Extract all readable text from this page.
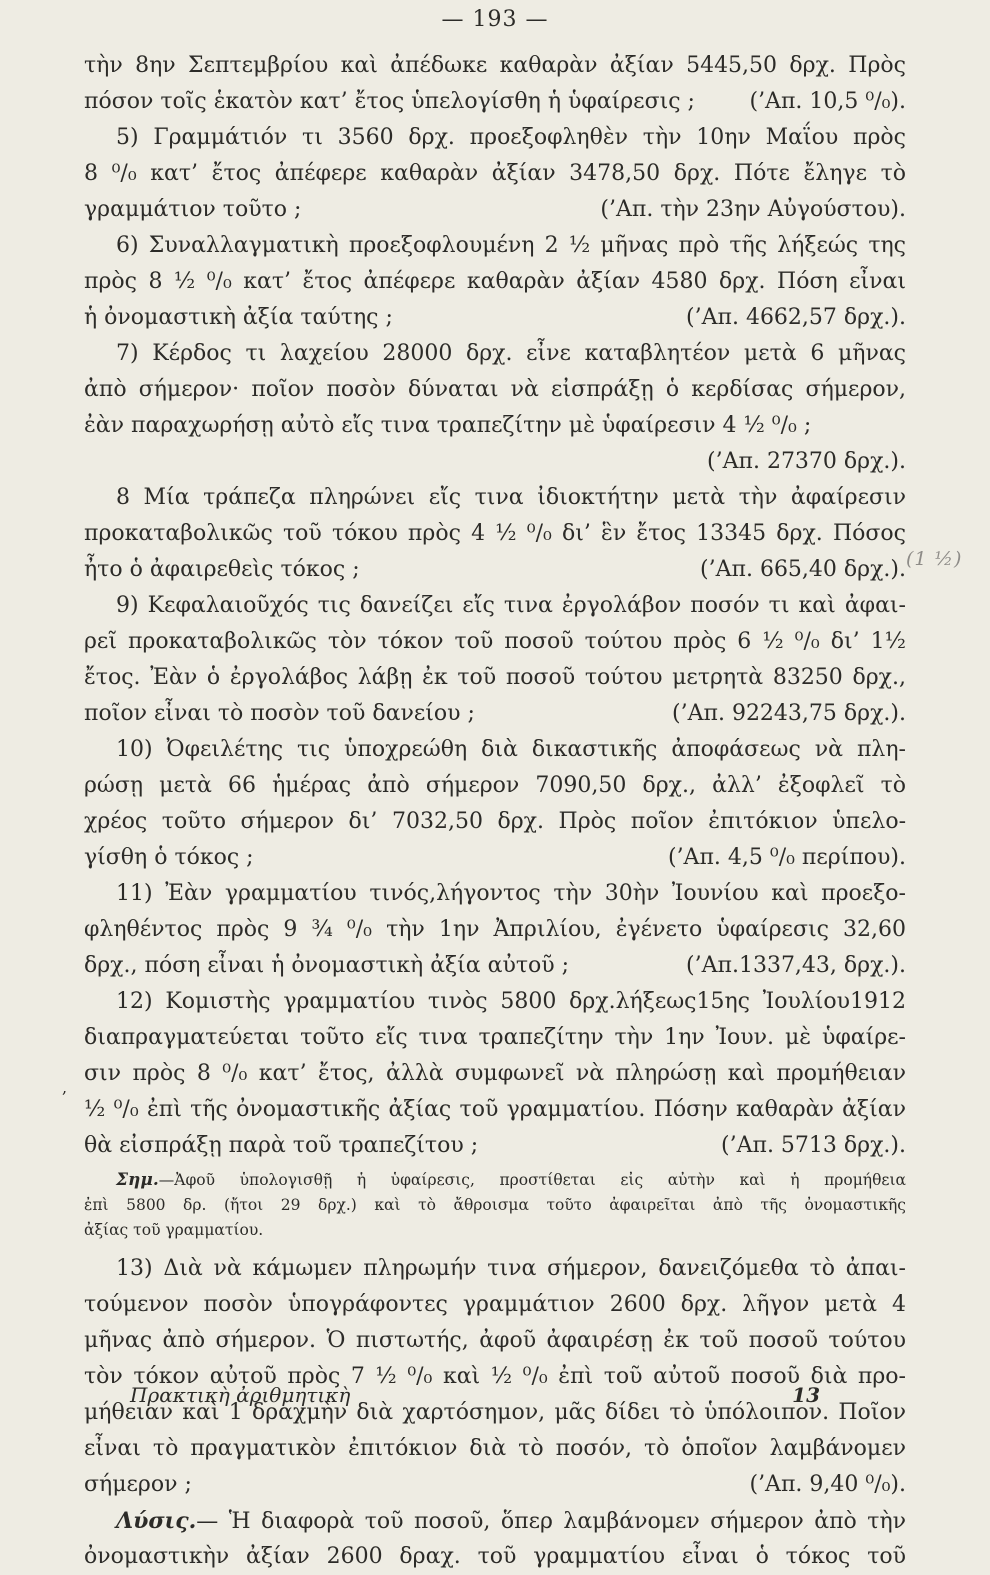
— 193 —
τὴν 8ην Σεπτεμβρίου καὶ ἀπέδωκε καθαρὰν ἀξίαν 5445,50 δρχ. Πρὸς
(’Απ. 10,5 ⁰/₀).
πόσον τοῖς ἑκατὸν κατ’ ἔτος ὑπελογίσθη ἡ ὑφαίρεσις ;
5) Γραμμάτιόν τι 3560 δρχ. προεξοφληθὲν τὴν 10ην Μαΐου πρὸς
8 ⁰/₀ κατ’ ἔτος ἀπέφερε καθαρὰν ἀξίαν 3478,50 δρχ. Πότε ἔληγε τὸ
(’Απ. τὴν 23ην Αὐγούστου).
γραμμάτιον τοῦτο ;
6) Συναλλαγματικὴ προεξοφλουμένη 2 ½ μῆνας πρὸ τῆς λήξεώς της
πρὸς 8 ½ ⁰/₀ κατ’ ἔτος ἀπέφερε καθαρὰν ἀξίαν 4580 δρχ. Πόση εἶναι
(’Απ. 4662,57 δρχ.).
ἡ ὀνομαστικὴ ἀξία ταύτης ;
7) Κέρδος τι λαχείου 28000 δρχ. εἶνε καταβλητέον μετὰ 6 μῆνας
ἀπὸ σήμερον· ποῖον ποσὸν δύναται νὰ εἰσπράξῃ ὁ κερδίσας σήμερον,
ἐὰν παραχωρήσῃ αὐτὸ εἴς τινα τραπεζίτην μὲ ὑφαίρεσιν 4 ½ ⁰/₀ ;
(’Απ. 27370 δρχ.).
8 Μία τράπεζα πληρώνει εἴς τινα ἰδιοκτήτην μετὰ τὴν ἀφαίρεσιν
προκαταβολικῶς τοῦ τόκου πρὸς 4 ½ ⁰/₀ δι’ ἓν ἔτος 13345 δρχ. Πόσος
(’Απ. 665,40 δρχ.).
ἦτο ὁ ἀφαιρεθεὶς τόκος ;
9) Κεφαλαιοῦχός τις δανείζει εἴς τινα ἐργολάβον ποσόν τι καὶ ἀφαι-
ρεῖ προκαταβολικῶς τὸν τόκον τοῦ ποσοῦ τούτου πρὸς 6 ½ ⁰/₀ δι’ 1½
ἔτος. Ἐὰν ὁ ἐργολάβος λάβῃ ἐκ τοῦ ποσοῦ τούτου μετρητὰ 83250 δρχ.,
(’Απ. 92243,75 δρχ.).
ποῖον εἶναι τὸ ποσὸν τοῦ δανείου ;
10) Ὀφειλέτης τις ὑποχρεώθη διὰ δικαστικῆς ἀποφάσεως νὰ πλη-
ρώσῃ μετὰ 66 ἡμέρας ἀπὸ σήμερον 7090,50 δρχ., ἀλλ’ ἐξοφλεῖ τὸ
χρέος τοῦτο σήμερον δι’ 7032,50 δρχ. Πρὸς ποῖον ἐπιτόκιον ὑπελο-
(’Απ. 4,5 ⁰/₀ περίπου).
γίσθη ὁ τόκος ;
11) Ἐὰν γραμματίου τινός,λήγοντος τὴν 30ὴν Ἰουνίου καὶ προεξο-
φληθέντος πρὸς 9 ¾ ⁰/₀ τὴν 1ην Ἀπριλίου, ἐγένετο ὑφαίρεσις 32,60
(’Απ.1337,43, δρχ.).
δρχ., πόση εἶναι ἡ ὀνομαστικὴ ἀξία αὐτοῦ ;
12) Κομιστὴς γραμματίου τινὸς 5800 δρχ.λήξεως15ης Ἰουλίου1912
διαπραγματεύεται τοῦτο εἴς τινα τραπεζίτην τὴν 1ην Ἰουν. μὲ ὑφαίρε-
σιν πρὸς 8 ⁰/₀ κατ’ ἔτος, ἀλλὰ συμφωνεῖ νὰ πληρώσῃ καὶ προμήθειαν
½ ⁰/₀ ἐπὶ τῆς ὀνομαστικῆς ἀξίας τοῦ γραμματίου. Πόσην καθαρὰν ἀξίαν
(’Απ. 5713 δρχ.).
θὰ εἰσπράξῃ παρὰ τοῦ τραπεζίτου ;
Σημ.—Ἀφοῦ ὑπολογισθῇ ἡ ὑφαίρεσις, προστίθεται εἰς αὐτὴν καὶ ἡ προμήθεια
ἐπὶ 5800 δρ. (ἤτοι 29 δρχ.) καὶ τὸ ἄθροισμα τοῦτο ἀφαιρεῖται ἀπὸ τῆς ὀνομαστικῆς
ἀξίας τοῦ γραμματίου.
13) Διὰ νὰ κάμωμεν πληρωμήν τινα σήμερον, δανειζόμεθα τὸ ἀπαι-
τούμενον ποσὸν ὑπογράφοντες γραμμάτιον 2600 δρχ. λῆγον μετὰ 4
μῆνας ἀπὸ σήμερον. Ὁ πιστωτής, ἀφοῦ ἀφαιρέσῃ ἐκ τοῦ ποσοῦ τούτου
τὸν τόκον αὐτοῦ πρὸς 7 ½ ⁰/₀ καὶ ½ ⁰/₀ ἐπὶ τοῦ αὐτοῦ ποσοῦ διὰ προ-
μήθειαν καὶ 1 δραχμὴν διὰ χαρτόσημον, μᾶς δίδει τὸ ὑπόλοιπον. Ποῖον
εἶναι τὸ πραγματικὸν ἐπιτόκιον διὰ τὸ ποσόν, τὸ ὁποῖον λαμβάνομεν
(’Απ. 9,40 ⁰/₀).
σήμερον ;
Λύσις.— Ἡ διαφορὰ τοῦ ποσοῦ, ὅπερ λαμβάνομεν σήμερον ἀπὸ τὴν
ὀνομαστικὴν ἀξίαν 2600 δραχ. τοῦ γραμματίου εἶναι ὁ τόκος τοῦ
(1 ½)
,
Πρακτικὴ ἀριθμητικὴ	13
